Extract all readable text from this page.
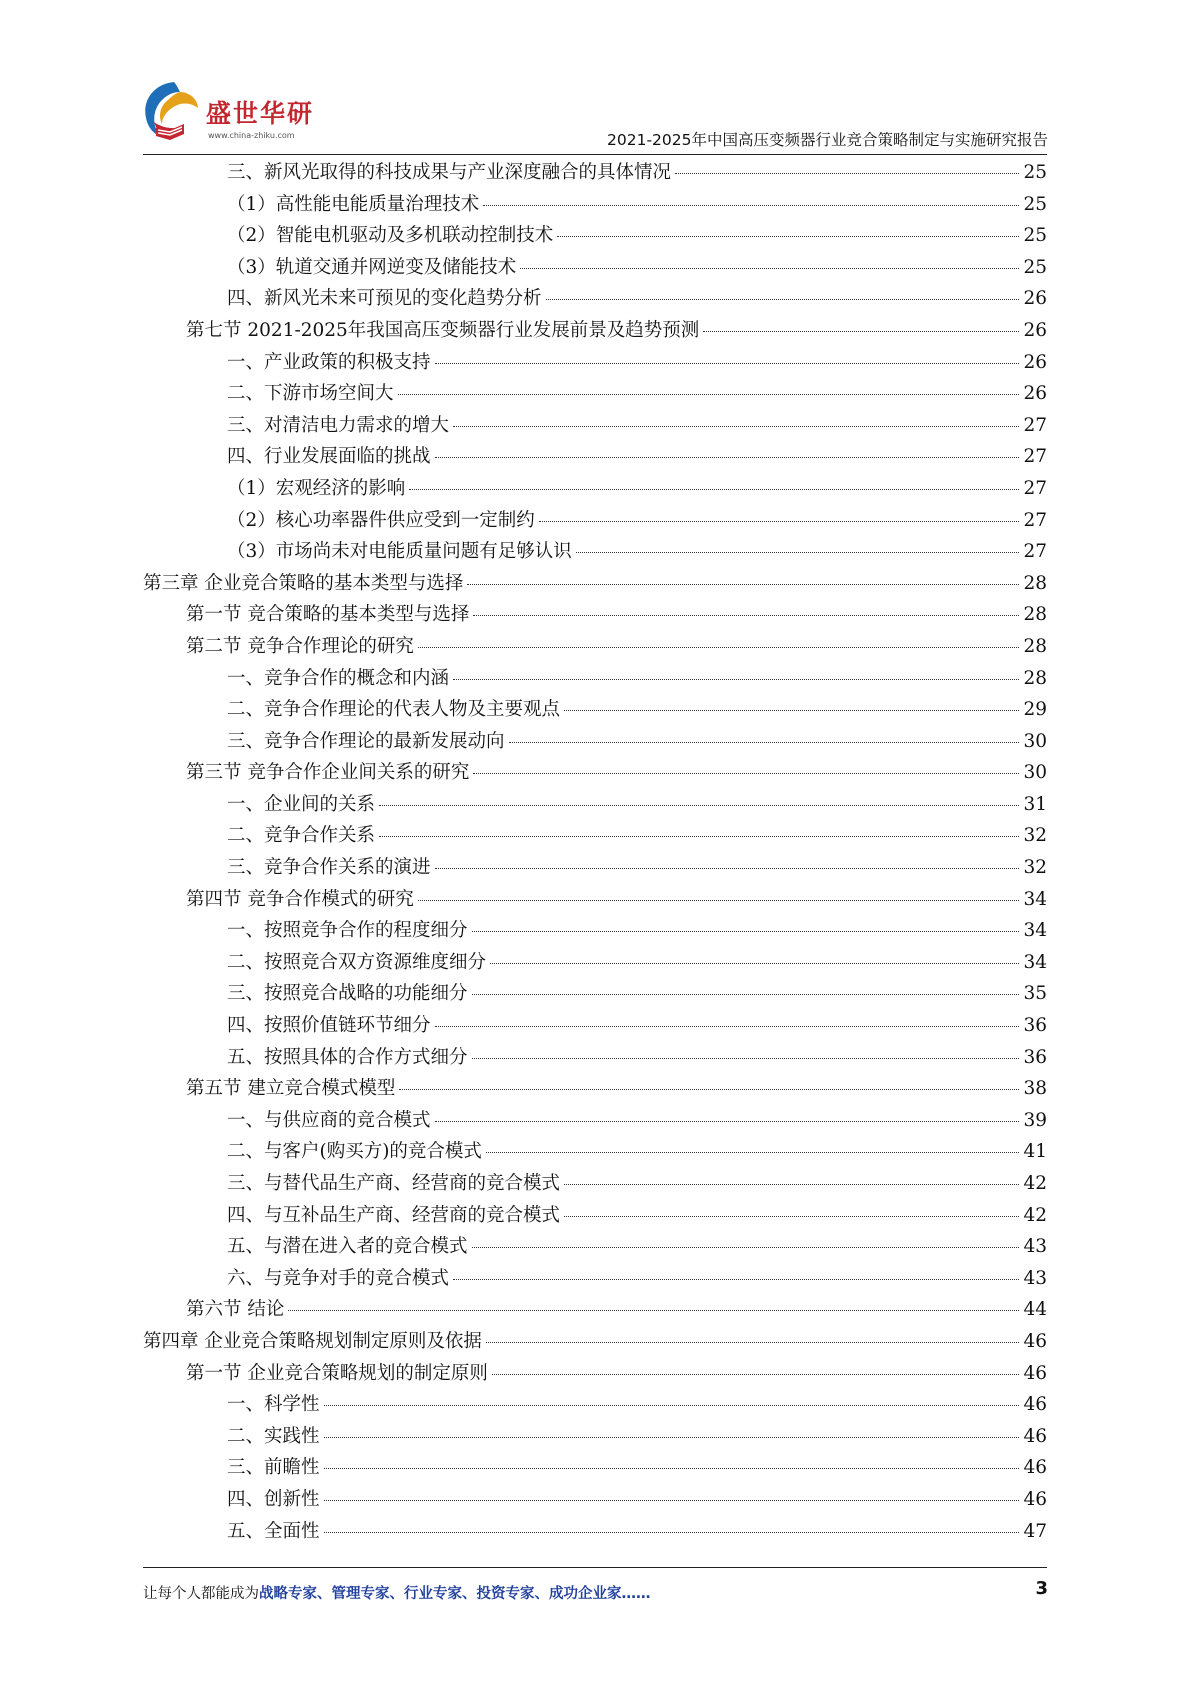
盛世华研
www.china-zhiku.com	2021-2025年中国高压变频器行业竞合策略制定与实施研究报告
三、新风光取得的科技成果与产业深度融合的具体情况	25
（1）高性能电能质量治理技术	25
（2）智能电机驱动及多机联动控制技术	25
（3）轨道交通并网逆变及储能技术	25
四、新风光未来可预见的变化趋势分析	26
第七节 2021-2025年我国高压变频器行业发展前景及趋势预测	26
一、产业政策的积极支持	26
二、下游市场空间大	26
三、对清洁电力需求的增大	27
四、行业发展面临的挑战	27
（1）宏观经济的影响	27
（2）核心功率器件供应受到一定制约	27
（3）市场尚未对电能质量问题有足够认识	27
第三章 企业竞合策略的基本类型与选择	28
第一节 竞合策略的基本类型与选择	28
第二节 竞争合作理论的研究	28
一、竞争合作的概念和内涵	28
二、竞争合作理论的代表人物及主要观点	29
三、竞争合作理论的最新发展动向	30
第三节 竞争合作企业间关系的研究	30
一、企业间的关系	31
二、竞争合作关系	32
三、竞争合作关系的演进	32
第四节 竞争合作模式的研究	34
一、按照竞争合作的程度细分	34
二、按照竞合双方资源维度细分	34
三、按照竞合战略的功能细分	35
四、按照价值链环节细分	36
五、按照具体的合作方式细分	36
第五节 建立竞合模式模型	38
一、与供应商的竞合模式	39
二、与客户(购买方)的竞合模式	41
三、与替代品生产商、经营商的竞合模式	42
四、与互补品生产商、经营商的竞合模式	42
五、与潜在进入者的竞合模式	43
六、与竞争对手的竞合模式	43
第六节 结论	44
第四章 企业竞合策略规划制定原则及依据	46
第一节 企业竞合策略规划的制定原则	46
一、科学性	46
二、实践性	46
三、前瞻性	46
四、创新性	46
五、全面性	47
让每个人都能成为战略专家、管理专家、行业专家、投资专家、成功企业家……	3
